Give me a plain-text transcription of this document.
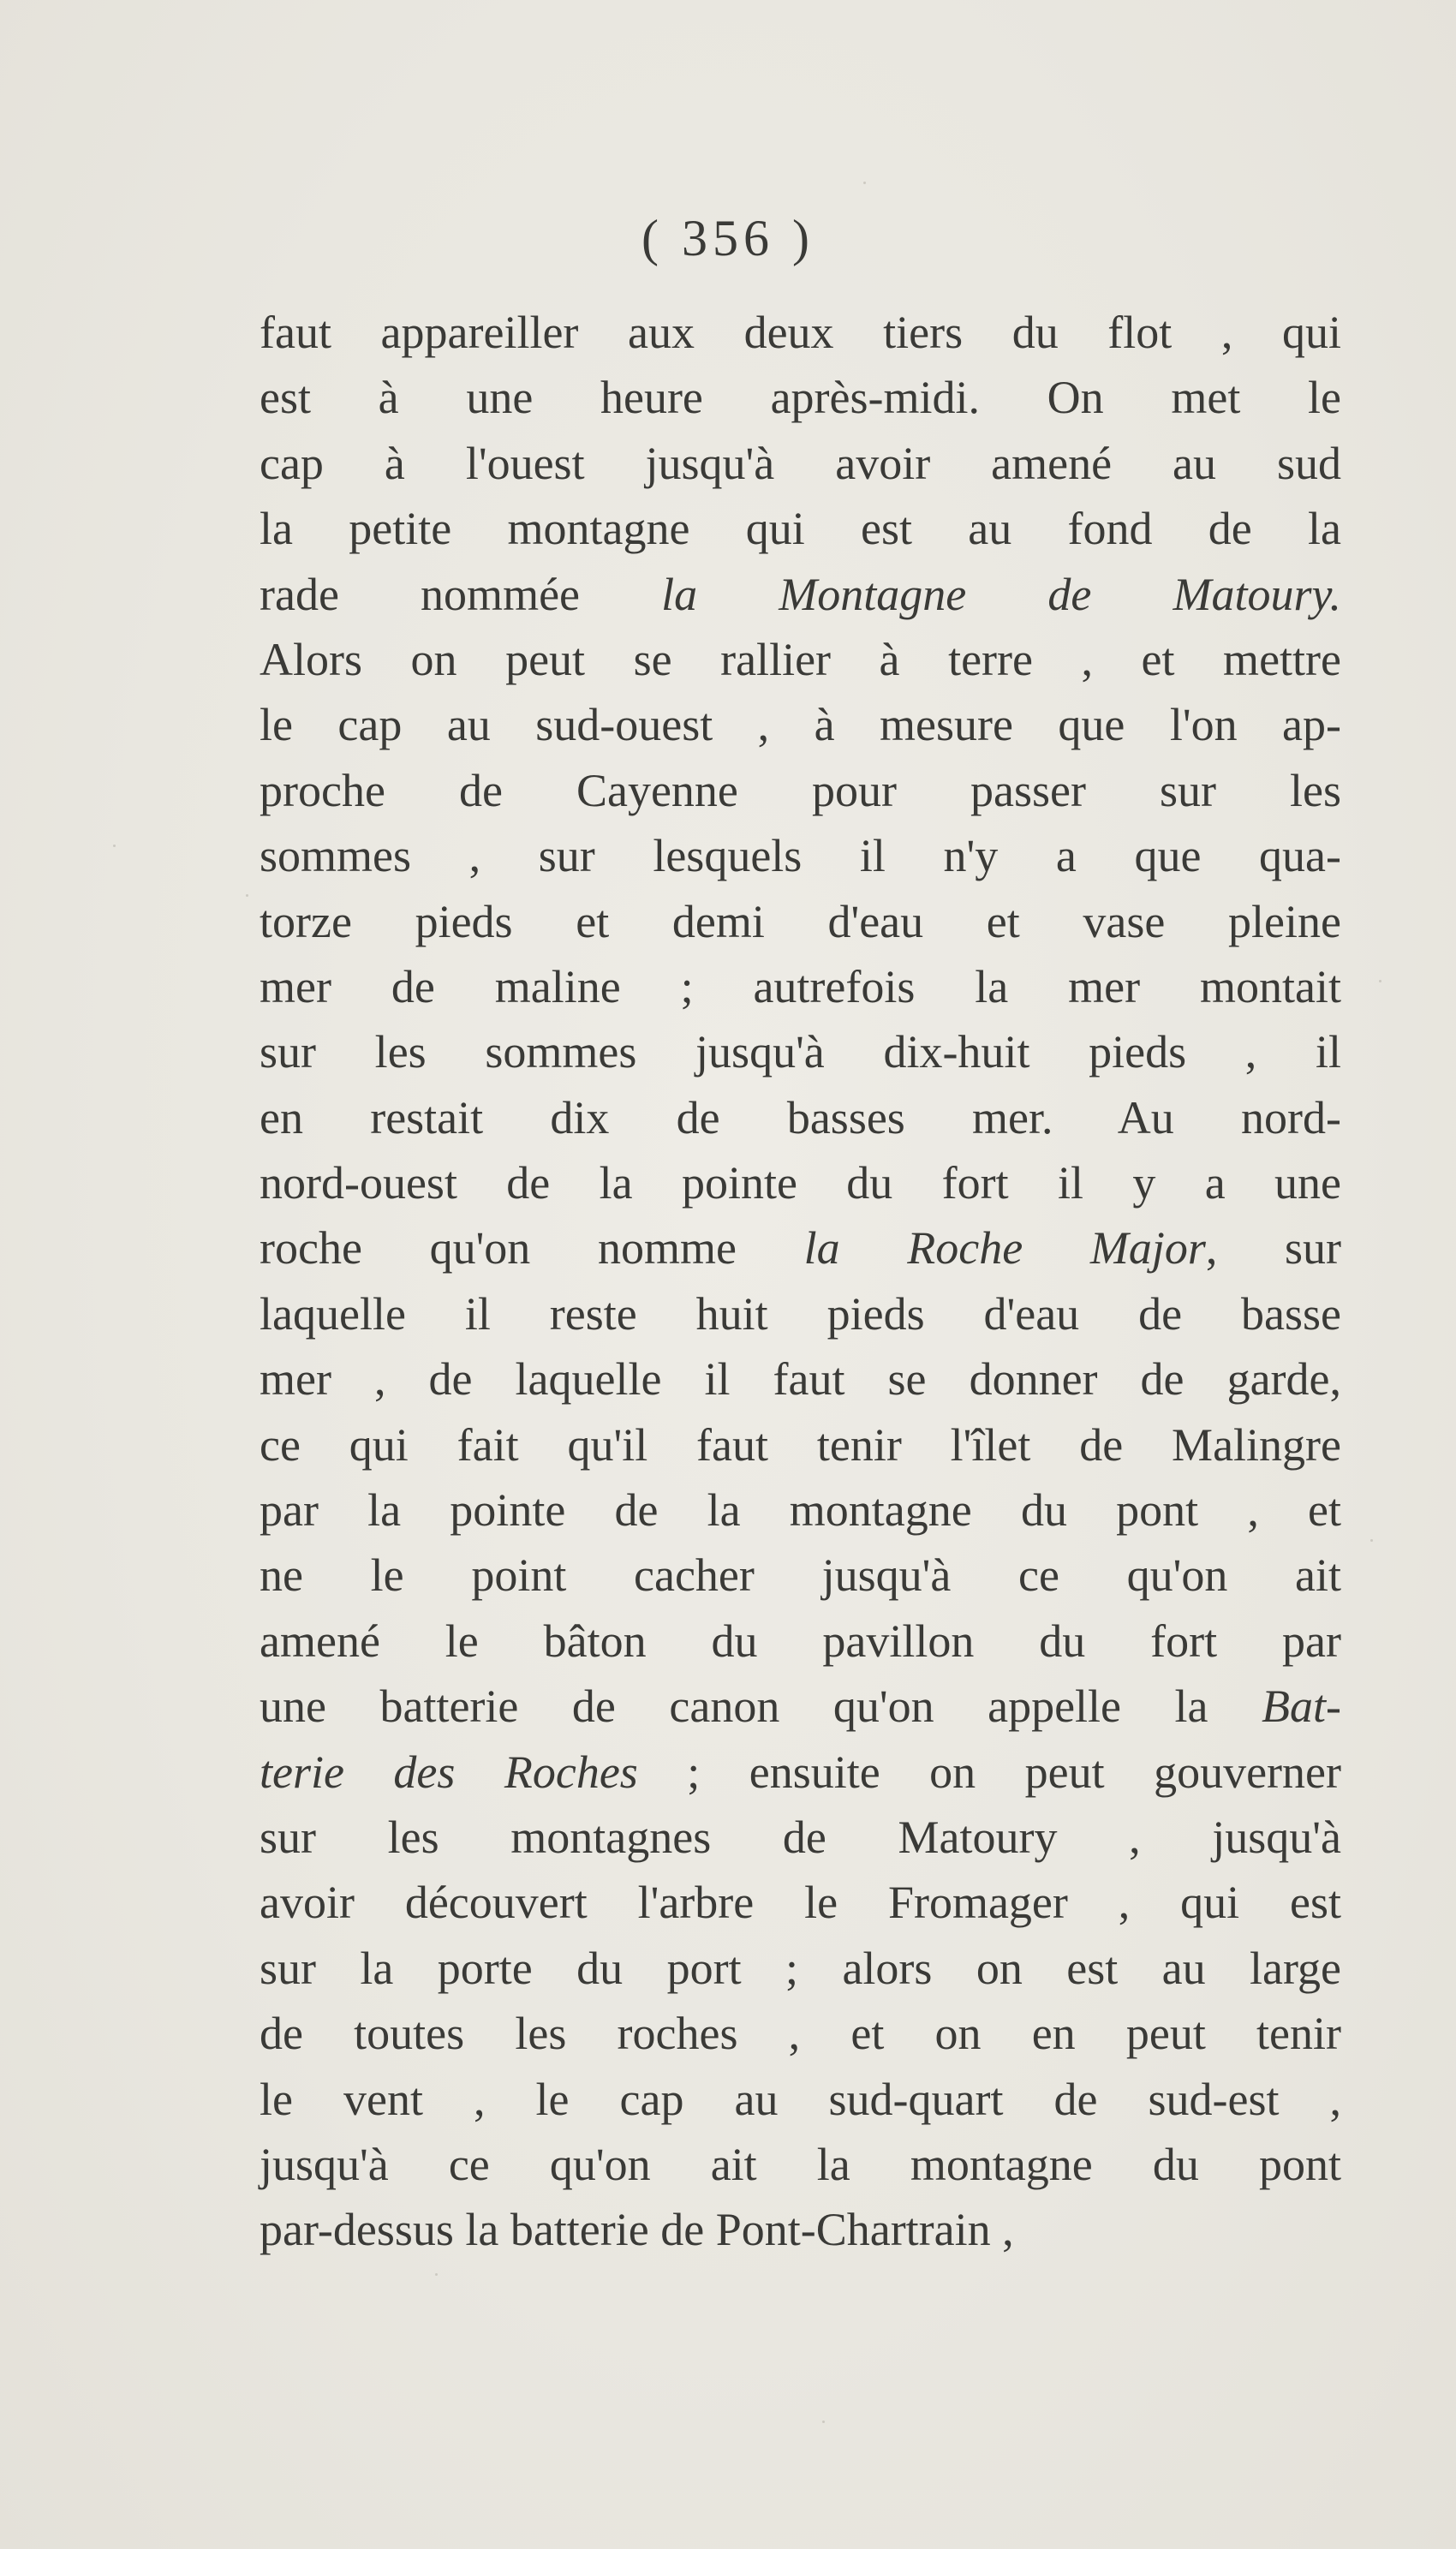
( 356 )
faut appareiller aux deux tiers du flot , qui
est à une heure après-midi. On met le
cap à l'ouest jusqu'à avoir amené au sud
la petite montagne qui est au fond de la
rade nommée la Montagne de Matoury.
Alors on peut se rallier à terre , et mettre
le cap au sud-ouest , à mesure que l'on ap-
proche de Cayenne pour passer sur les
sommes , sur lesquels il n'y a que qua-
torze pieds et demi d'eau et vase pleine
mer de maline ; autrefois la mer montait
sur les sommes jusqu'à dix-huit pieds , il
en restait dix de basses mer. Au nord-
nord-ouest de la pointe du fort il y a une
roche qu'on nomme la Roche Major, sur
laquelle il reste huit pieds d'eau de basse
mer , de laquelle il faut se donner de garde,
ce qui fait qu'il faut tenir l'îlet de Malingre
par la pointe de la montagne du pont , et
ne le point cacher jusqu'à ce qu'on ait
amené le bâton du pavillon du fort par
une batterie de canon qu'on appelle la Bat-
terie des Roches ; ensuite on peut gouverner
sur les montagnes de Matoury , jusqu'à
avoir découvert l'arbre le Fromager , qui est
sur la porte du port ; alors on est au large
de toutes les roches , et on en peut tenir
le vent , le cap au sud-quart de sud-est ,
jusqu'à ce qu'on ait la montagne du pont
par-dessus la batterie de Pont-Chartrain ,
